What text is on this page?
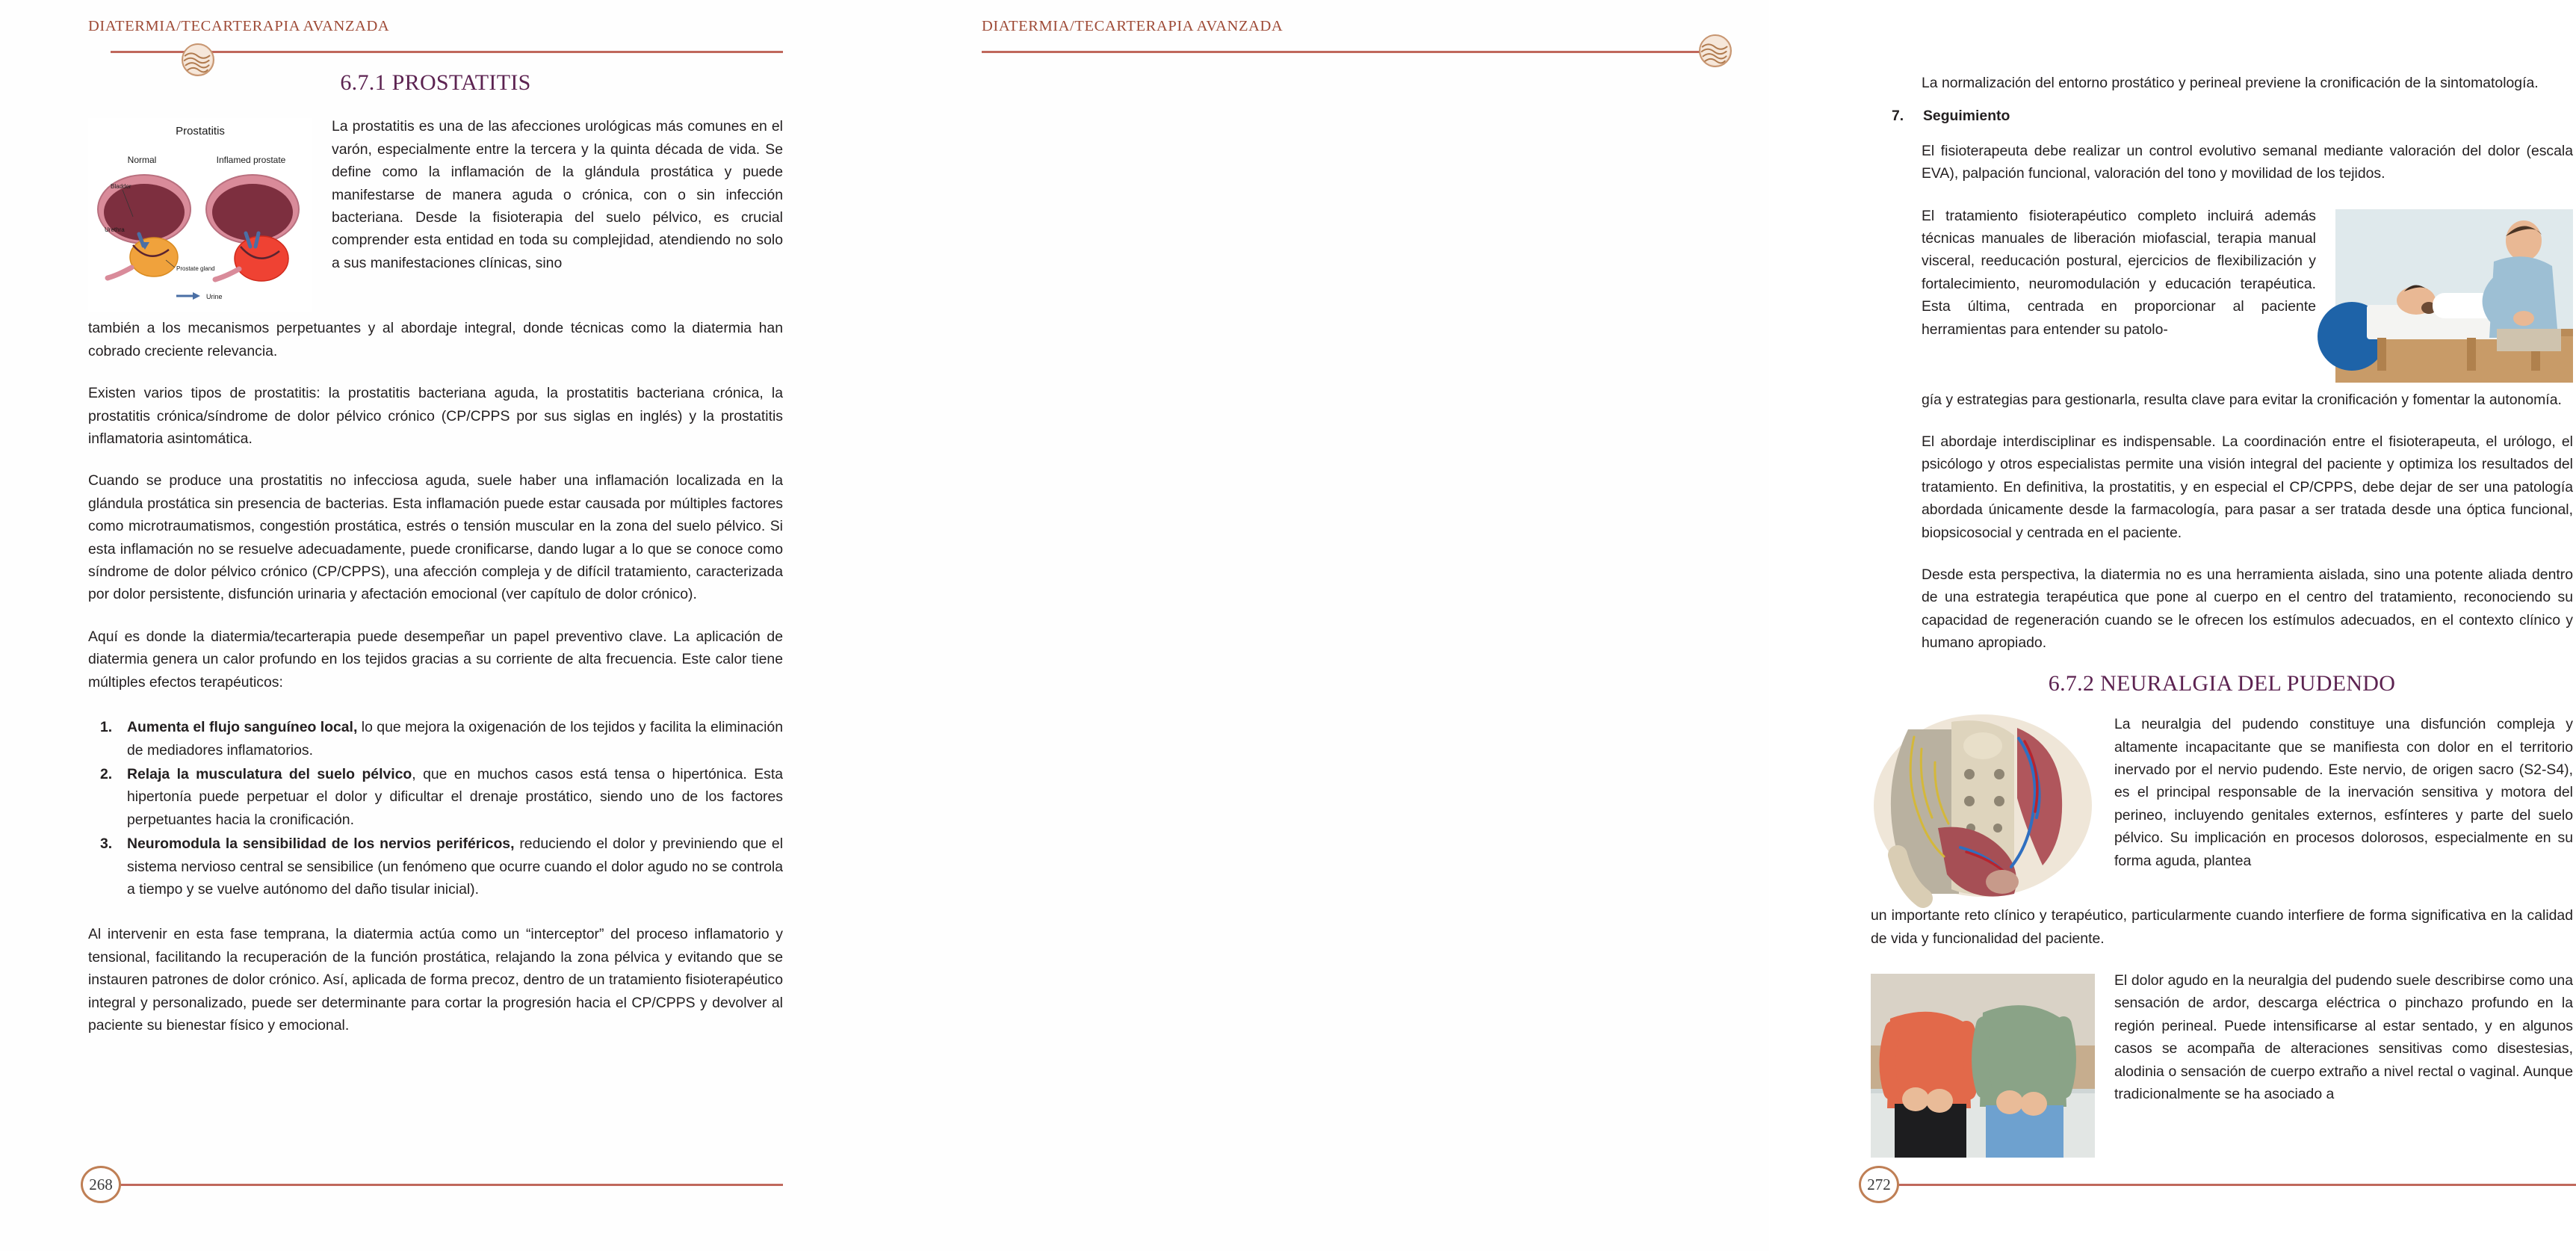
DIATERMIA/TECARTERAPIA AVANZADA
6.7.1 PROSTATITIS
Prostatitis
Normal	Inflamed prostate
Bladder
Urethra
Prostate gland
Urine

La prostatitis es una de las afecciones urológicas más comunes en el varón, especialmente entre la tercera y la quinta década de vida. Se define como la inflamación de la glándula prostática y puede manifestarse de manera aguda o crónica, con o sin infección bacteriana. Desde la fisioterapia del suelo pélvico, es crucial comprender esta entidad en toda su complejidad, atendiendo no solo a sus manifestaciones clínicas, sino

también a los mecanismos perpetuantes y al abordaje integral, donde técnicas como la diatermia han cobrado creciente relevancia.

Existen varios tipos de prostatitis: la prostatitis bacteriana aguda, la prostatitis bacteriana crónica, la prostatitis crónica/síndrome de dolor pélvico crónico (CP/CPPS por sus siglas en inglés) y la prostatitis inflamatoria asintomática.

Cuando se produce una prostatitis no infecciosa aguda, suele haber una inflamación localizada en la glándula prostática sin presencia de bacterias. Esta inflamación puede estar causada por múltiples factores como microtraumatismos, congestión prostática, estrés o tensión muscular en la zona del suelo pélvico. Si esta inflamación no se resuelve adecuadamente, puede cronificarse, dando lugar a lo que se conoce como síndrome de dolor pélvico crónico (CP/CPPS), una afección compleja y de difícil tratamiento, caracterizada por dolor persistente, disfunción urinaria y afectación emocional (ver capítulo de dolor crónico).

Aquí es donde la diatermia/tecarterapia puede desempeñar un papel preventivo clave. La aplicación de diatermia genera un calor profundo en los tejidos gracias a su corriente de alta frecuencia. Este calor tiene múltiples efectos terapéuticos:

Aumenta el flujo sanguíneo local, lo que mejora la oxigenación de los tejidos y facilita la eliminación de mediadores inflamatorios.
Relaja la musculatura del suelo pélvico, que en muchos casos está tensa o hipertónica. Esta hipertonía puede perpetuar el dolor y dificultar el drenaje prostático, siendo uno de los factores perpetuantes hacia la cronificación.
Neuromodula la sensibilidad de los nervios periféricos, reduciendo el dolor y previniendo que el sistema nervioso central se sensibilice (un fenómeno que ocurre cuando el dolor agudo no se controla a tiempo y se vuelve autónomo del daño tisular inicial).

Al intervenir en esta fase temprana, la diatermia actúa como un “interceptor” del proceso inflamatorio y tensional, facilitando la recuperación de la función prostática, relajando la zona pélvica y evitando que se instauren patrones de dolor crónico. Así, aplicada de forma precoz, dentro de un tratamiento fisioterapéutico integral y personalizado, puede ser determinante para cortar la progresión hacia el CP/CPPS y devolver al paciente su bienestar físico y emocional.

268
DIATERMIA/TECARTERAPIA AVANZADA

La normalización del entorno prostático y perineal previene la cronificación de la sintomatología.

7. Seguimiento

El fisioterapeuta debe realizar un control evolutivo semanal mediante valoración del dolor (escala EVA), palpación funcional, valoración del tono y movilidad de los tejidos.

El tratamiento fisioterapéutico completo incluirá además técnicas manuales de liberación miofascial, terapia manual visceral, reeducación postural, ejercicios de flexibilización y fortalecimiento, neuromodulación y educación terapéutica. Esta última, centrada en proporcionar al paciente herramientas para entender su patolo-

gía y estrategias para gestionarla, resulta clave para evitar la cronificación y fomentar la autonomía.

El abordaje interdisciplinar es indispensable. La coordinación entre el fisioterapeuta, el urólogo, el psicólogo y otros especialistas permite una visión integral del paciente y optimiza los resultados del tratamiento. En definitiva, la prostatitis, y en especial el CP/CPPS, debe dejar de ser una patología abordada únicamente desde la farmacología, para pasar a ser tratada desde una óptica funcional, biopsicosocial y centrada en el paciente.

Desde esta perspectiva, la diatermia no es una herramienta aislada, sino una potente aliada dentro de una estrategia terapéutica que pone al cuerpo en el centro del tratamiento, reconociendo su capacidad de regeneración cuando se le ofrecen los estímulos adecuados, en el contexto clínico y humano apropiado.

6.7.2 NEURALGIA DEL PUDENDO

La neuralgia del pudendo constituye una disfunción compleja y altamente incapacitante que se manifiesta con dolor en el territorio inervado por el nervio pudendo. Este nervio, de origen sacro (S2-S4), es el principal responsable de la inervación sensitiva y motora del perineo, incluyendo genitales externos, esfínteres y parte del suelo pélvico. Su implicación en procesos dolorosos, especialmente en su forma aguda, plantea

un importante reto clínico y terapéutico, particularmente cuando interfiere de forma significativa en la calidad de vida y funcionalidad del paciente.

El dolor agudo en la neuralgia del pudendo suele describirse como una sensación de ardor, descarga eléctrica o pinchazo profundo en la región perineal. Puede intensificarse al estar sentado, y en algunos casos se acompaña de alteraciones sensitivas como disestesias, alodinia o sensación de cuerpo extraño a nivel rectal o vaginal. Aunque tradicionalmente se ha asociado a

272
